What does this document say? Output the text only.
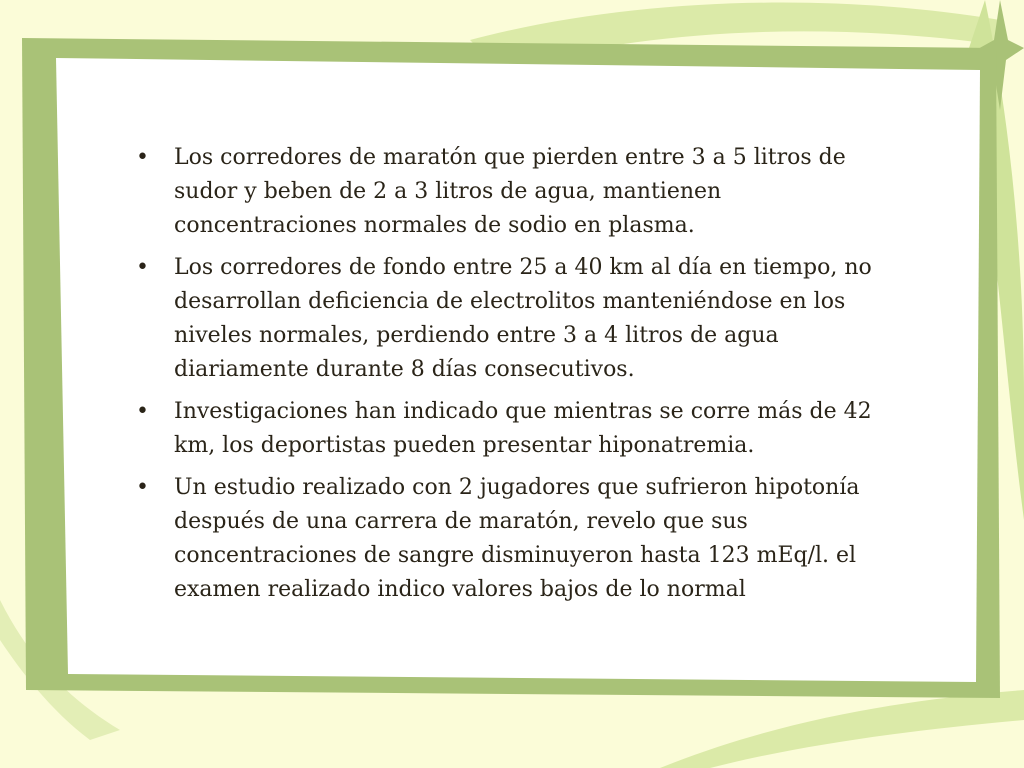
•	Los corredores de maratón que pierden entre 3 a 5 litros de sudor y beben de 2 a 3 litros de agua, mantienen concentraciones normales de sodio en plasma.
•	Los corredores de fondo entre 25 a 40 km al día en tiempo, no desarrollan deficiencia de electrolitos manteniéndose en los niveles normales, perdiendo entre 3 a 4 litros de agua diariamente durante 8 días consecutivos.
•	Investigaciones han indicado que mientras se corre más de 42 km, los deportistas pueden presentar hiponatremia.
•	Un estudio realizado con 2 jugadores que sufrieron hipotonía después de una carrera de maratón, revelo que sus concentraciones de sangre disminuyeron hasta 123 mEq/l. el examen realizado indico valores bajos de lo normal
